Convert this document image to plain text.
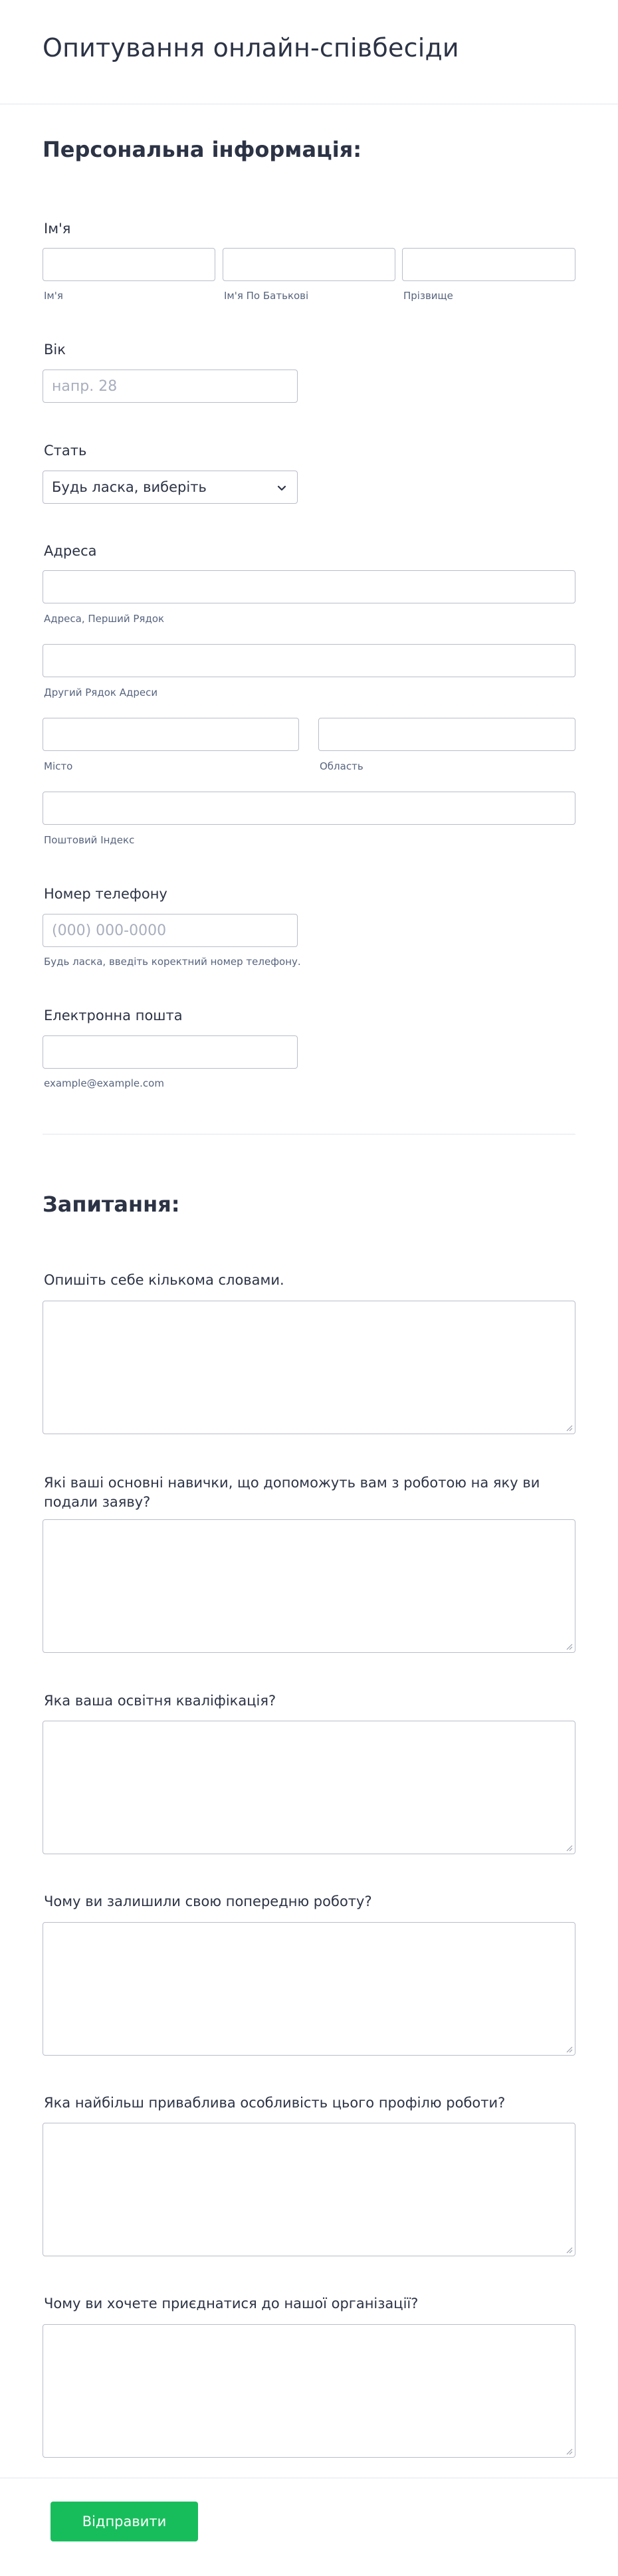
Опитування онлайн-співбесіди
Персональна інформація:
Ім'я
Ім'я	Ім'я По Батькові	Прізвище
Вік
напр. 28
Стать
Будь ласка, виберіть
Адреса
Адреса, Перший Рядок
Другий Рядок Адреси
Місто	Область
Поштовий Індекс
Номер телефону
(000) 000-0000
Будь ласка, введіть коректний номер телефону.
Електронна пошта
example@example.com
Запитання:
Опишіть себе кількома словами.
Які ваші основні навички, що допоможуть вам з роботою на яку ви подали заяву?
Яка ваша освітня кваліфікація?
Чому ви залишили свою попередню роботу?
Яка найбільш приваблива особливість цього профілю роботи?
Чому ви хочете приєднатися до нашої організації?
Відправити
